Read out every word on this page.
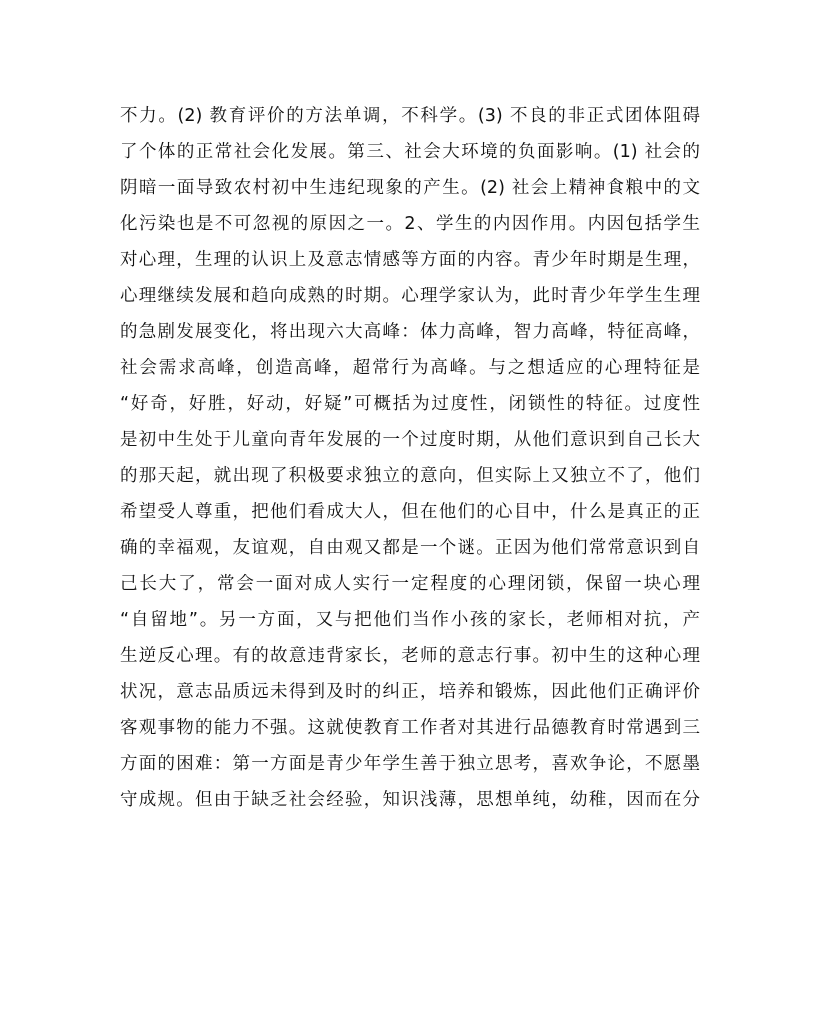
不力。(2) 教育评价的方法单调，不科学。(3) 不良的非正式团体阻碍
了个体的正常社会化发展。第三、社会大环境的负面影响。(1) 社会的
阴暗一面导致农村初中生违纪现象的产生。(2) 社会上精神食粮中的文
化污染也是不可忽视的原因之一。2、学生的内因作用。内因包括学生
对心理，生理的认识上及意志情感等方面的内容。青少年时期是生理，
心理继续发展和趋向成熟的时期。心理学家认为，此时青少年学生生理
的急剧发展变化，将出现六大高峰：体力高峰，智力高峰，特征高峰，
社会需求高峰，创造高峰，超常行为高峰。与之想适应的心理特征是
“好奇，好胜，好动，好疑”可概括为过度性，闭锁性的特征。过度性
是初中生处于儿童向青年发展的一个过度时期，从他们意识到自己长大
的那天起，就出现了积极要求独立的意向，但实际上又独立不了，他们
希望受人尊重，把他们看成大人，但在他们的心目中，什么是真正的正
确的幸福观，友谊观，自由观又都是一个谜。正因为他们常常意识到自
己长大了，常会一面对成人实行一定程度的心理闭锁，保留一块心理
“自留地”。另一方面，又与把他们当作小孩的家长，老师相对抗，产
生逆反心理。有的故意违背家长，老师的意志行事。初中生的这种心理
状况，意志品质远未得到及时的纠正，培养和锻炼，因此他们正确评价
客观事物的能力不强。这就使教育工作者对其进行品德教育时常遇到三
方面的困难：第一方面是青少年学生善于独立思考，喜欢争论，不愿墨
守成规。但由于缺乏社会经验，知识浅薄，思想单纯，幼稚，因而在分
